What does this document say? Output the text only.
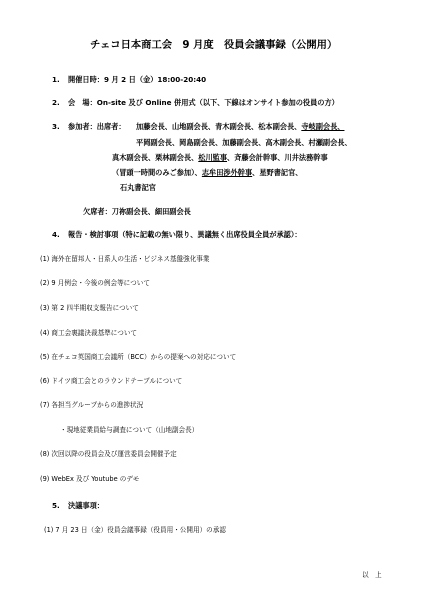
チェコ日本商工会　9 月度　役員会議事録（公開用）
1. 開催日時：9 月 2 日（金）18:00-20:40
2. 会　場：On-site 及び Online 併用式（以下、下線はオンサイト参加の役員の方）
3. 参加者：出席者： 加藤会長、山地副会長、青木副会長、松本副会長、寺岐副会長、
平岡副会長、岡島副会長、加藤副会長、高木副会長、村瀬副会長、
真木副会長、栗林副会長、松川監事、斉藤会計幹事、川井法務幹事
（冒頭一時間のみご参加）、志牟田渉外幹事、星野書記官、
石丸書記官
欠席者：刀祢副会長、細田副会長
4. 報告・検討事項（特に記載の無い限り、異議無く出席役員全員が承認）：
(1) 海外在留邦人・日系人の生活・ビジネス基盤強化事業
(2) 9 月例会・今後の例会等について
(3) 第 2 四半期収支報告について
(4) 商工会裏議決裁基準について
(5) 在チェコ英国商工会議所（BCC）からの提案への対応について
(6) ドイツ商工会とのラウンドテーブルについて
(7) 各担当グループからの進捗状況
・現地従業員給与調査について（山地副会長）
(8) 次回以降の役員会及び運営委員会開催予定
(9) WebEx 及び Youtube のデモ
5. 決議事項：
(1) 7 月 23 日（金）役員会議事録（役員用・公開用）の承認
以　上
